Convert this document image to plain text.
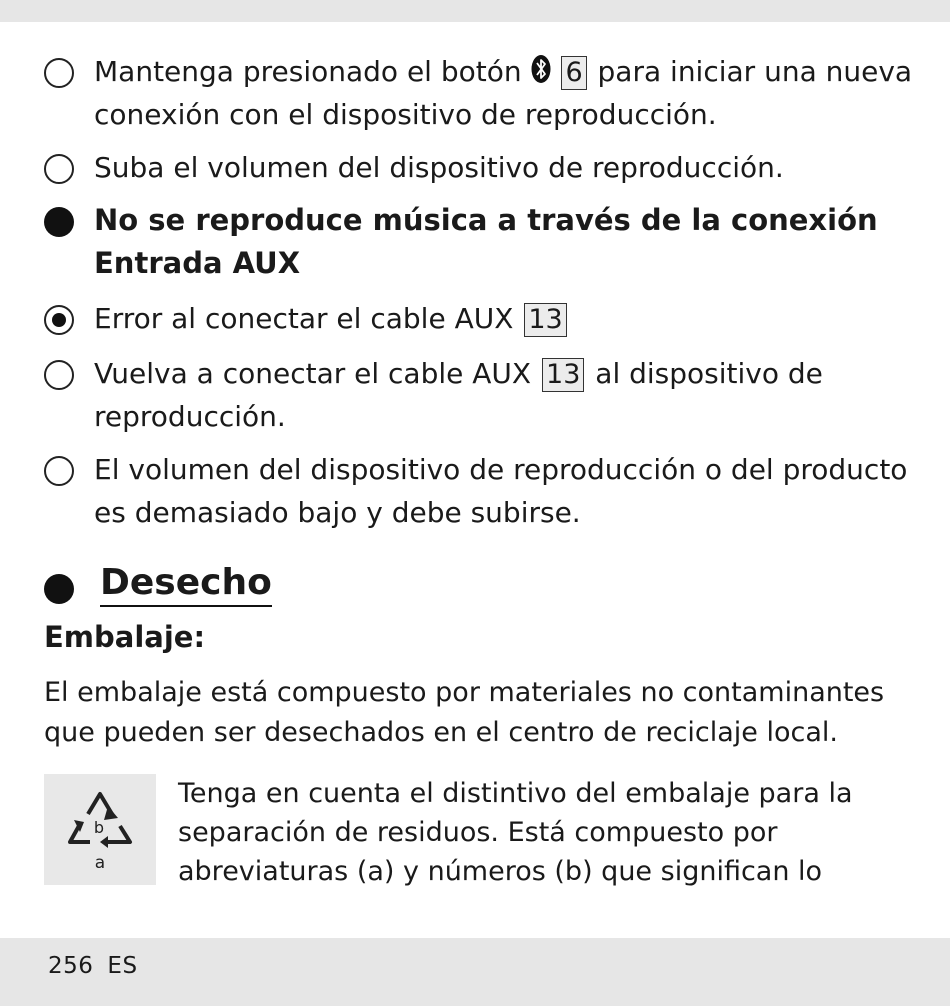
Mantenga presionado el botón 6 para iniciar una nueva conexión con el dispositivo de reproducción.
Suba el volumen del dispositivo de reproducción.
No se reproduce música a través de la conexión Entrada AUX
Error al conectar el cable AUX 13
Vuelva a conectar el cable AUX 13 al dispositivo de reproducción.
El volumen del dispositivo de reproducción o del producto es demasiado bajo y debe subirse.
Desecho
Embalaje:
El embalaje está compuesto por materiales no contaminantes que pueden ser desechados en el centro de reciclaje local.
b
a
Tenga en cuenta el distintivo del embalaje para la separación de residuos. Está compuesto por abreviaturas (a) y números (b) que significan lo
256 ES
